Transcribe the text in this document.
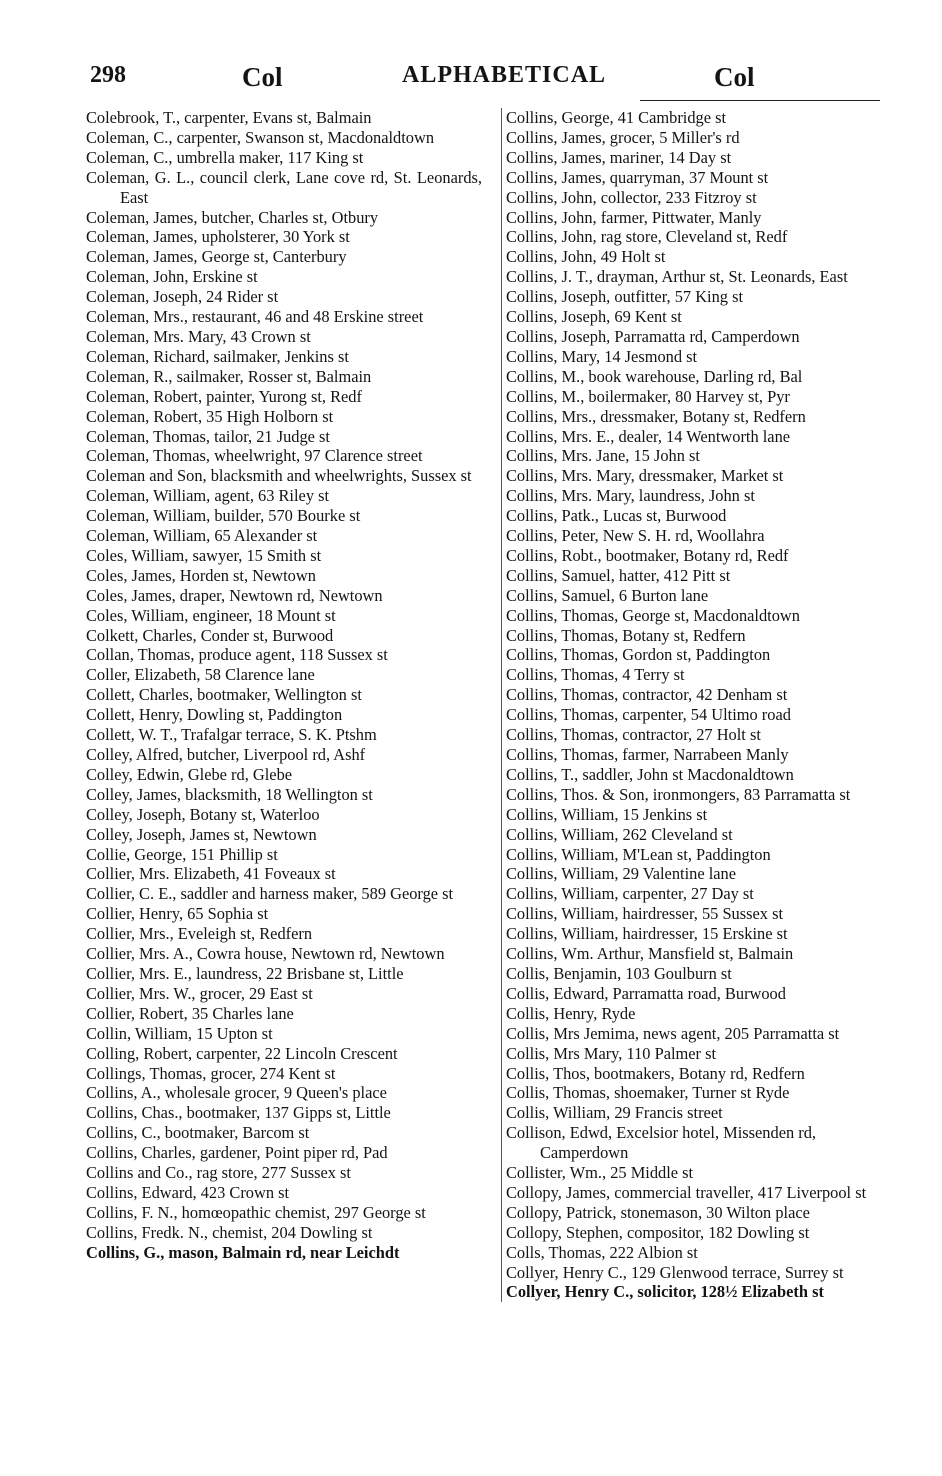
298	Col	ALPHABETICAL	Col
Colebrook, T., carpenter, Evans st, Balmain
Coleman, C., carpenter, Swanson st, Macdonaldtown
Coleman, C., umbrella maker, 117 King st
Coleman, G. L., council clerk, Lane cove rd, St. Leonards, East
Coleman, James, butcher, Charles st, Otbury
Coleman, James, upholsterer, 30 York st
Coleman, James, George st, Canterbury
Coleman, John, Erskine st
Coleman, Joseph, 24 Rider st
Coleman, Mrs., restaurant, 46 and 48 Erskine street
Coleman, Mrs. Mary, 43 Crown st
Coleman, Richard, sailmaker, Jenkins st
Coleman, R., sailmaker, Rosser st, Balmain
Coleman, Robert, painter, Yurong st, Redf
Coleman, Robert, 35 High Holborn st
Coleman, Thomas, tailor, 21 Judge st
Coleman, Thomas, wheelwright, 97 Clarence street
Coleman and Son, blacksmith and wheelwrights, Sussex st
Coleman, William, agent, 63 Riley st
Coleman, William, builder, 570 Bourke st
Coleman, William, 65 Alexander st
Coles, William, sawyer, 15 Smith st
Coles, James, Horden st, Newtown
Coles, James, draper, Newtown rd, Newtown
Coles, William, engineer, 18 Mount st
Colkett, Charles, Conder st, Burwood
Collan, Thomas, produce agent, 118 Sussex st
Coller, Elizabeth, 58 Clarence lane
Collett, Charles, bootmaker, Wellington st
Collett, Henry, Dowling st, Paddington
Collett, W. T., Trafalgar terrace, S. K. Ptshm
Colley, Alfred, butcher, Liverpool rd, Ashf
Colley, Edwin, Glebe rd, Glebe
Colley, James, blacksmith, 18 Wellington st
Colley, Joseph, Botany st, Waterloo
Colley, Joseph, James st, Newtown
Collie, George, 151 Phillip st
Collier, Mrs. Elizabeth, 41 Foveaux st
Collier, C. E., saddler and harness maker, 589 George st
Collier, Henry, 65 Sophia st
Collier, Mrs., Eveleigh st, Redfern
Collier, Mrs. A., Cowra house, Newtown rd, Newtown
Collier, Mrs. E., laundress, 22 Brisbane st, Little
Collier, Mrs. W., grocer, 29 East st
Collier, Robert, 35 Charles lane
Collin, William, 15 Upton st
Colling, Robert, carpenter, 22 Lincoln Crescent
Collings, Thomas, grocer, 274 Kent st
Collins, A., wholesale grocer, 9 Queen's place
Collins, Chas., bootmaker, 137 Gipps st, Little
Collins, C., bootmaker, Barcom st
Collins, Charles, gardener, Point piper rd, Pad
Collins and Co., rag store, 277 Sussex st
Collins, Edward, 423 Crown st
Collins, F. N., homœopathic chemist, 297 George st
Collins, Fredk. N., chemist, 204 Dowling st
Collins, G., mason, Balmain rd, near Leichdt
Collins, George, 41 Cambridge st
Collins, James, grocer, 5 Miller's rd
Collins, James, mariner, 14 Day st
Collins, James, quarryman, 37 Mount st
Collins, John, collector, 233 Fitzroy st
Collins, John, farmer, Pittwater, Manly
Collins, John, rag store, Cleveland st, Redf
Collins, John, 49 Holt st
Collins, J. T., drayman, Arthur st, St. Leonards, East
Collins, Joseph, outfitter, 57 King st
Collins, Joseph, 69 Kent st
Collins, Joseph, Parramatta rd, Camperdown
Collins, Mary, 14 Jesmond st
Collins, M., book warehouse, Darling rd, Bal
Collins, M., boilermaker, 80 Harvey st, Pyr
Collins, Mrs., dressmaker, Botany st, Redfern
Collins, Mrs. E., dealer, 14 Wentworth lane
Collins, Mrs. Jane, 15 John st
Collins, Mrs. Mary, dressmaker, Market st
Collins, Mrs. Mary, laundress, John st
Collins, Patk., Lucas st, Burwood
Collins, Peter, New S. H. rd, Woollahra
Collins, Robt., bootmaker, Botany rd, Redf
Collins, Samuel, hatter, 412 Pitt st
Collins, Samuel, 6 Burton lane
Collins, Thomas, George st, Macdonaldtown
Collins, Thomas, Botany st, Redfern
Collins, Thomas, Gordon st, Paddington
Collins, Thomas, 4 Terry st
Collins, Thomas, contractor, 42 Denham st
Collins, Thomas, carpenter, 54 Ultimo road
Collins, Thomas, contractor, 27 Holt st
Collins, Thomas, farmer, Narrabeen Manly
Collins, T., saddler, John st Macdonaldtown
Collins, Thos. & Son, ironmongers, 83 Parramatta st
Collins, William, 15 Jenkins st
Collins, William, 262 Cleveland st
Collins, William, M'Lean st, Paddington
Collins, William, 29 Valentine lane
Collins, William, carpenter, 27 Day st
Collins, William, hairdresser, 55 Sussex st
Collins, William, hairdresser, 15 Erskine st
Collins, Wm. Arthur, Mansfield st, Balmain
Collis, Benjamin, 103 Goulburn st
Collis, Edward, Parramatta road, Burwood
Collis, Henry, Ryde
Collis, Mrs Jemima, news agent, 205 Parramatta st
Collis, Mrs Mary, 110 Palmer st
Collis, Thos, bootmakers, Botany rd, Redfern
Collis, Thomas, shoemaker, Turner st Ryde
Collis, William, 29 Francis street
Collison, Edwd, Excelsior hotel, Missenden rd, Camperdown
Collister, Wm., 25 Middle st
Collopy, James, commercial traveller, 417 Liverpool st
Collopy, Patrick, stonemason, 30 Wilton place
Collopy, Stephen, compositor, 182 Dowling st
Colls, Thomas, 222 Albion st
Collyer, Henry C., 129 Glenwood terrace, Surrey st
Collyer, Henry C., solicitor, 128½ Elizabeth st
